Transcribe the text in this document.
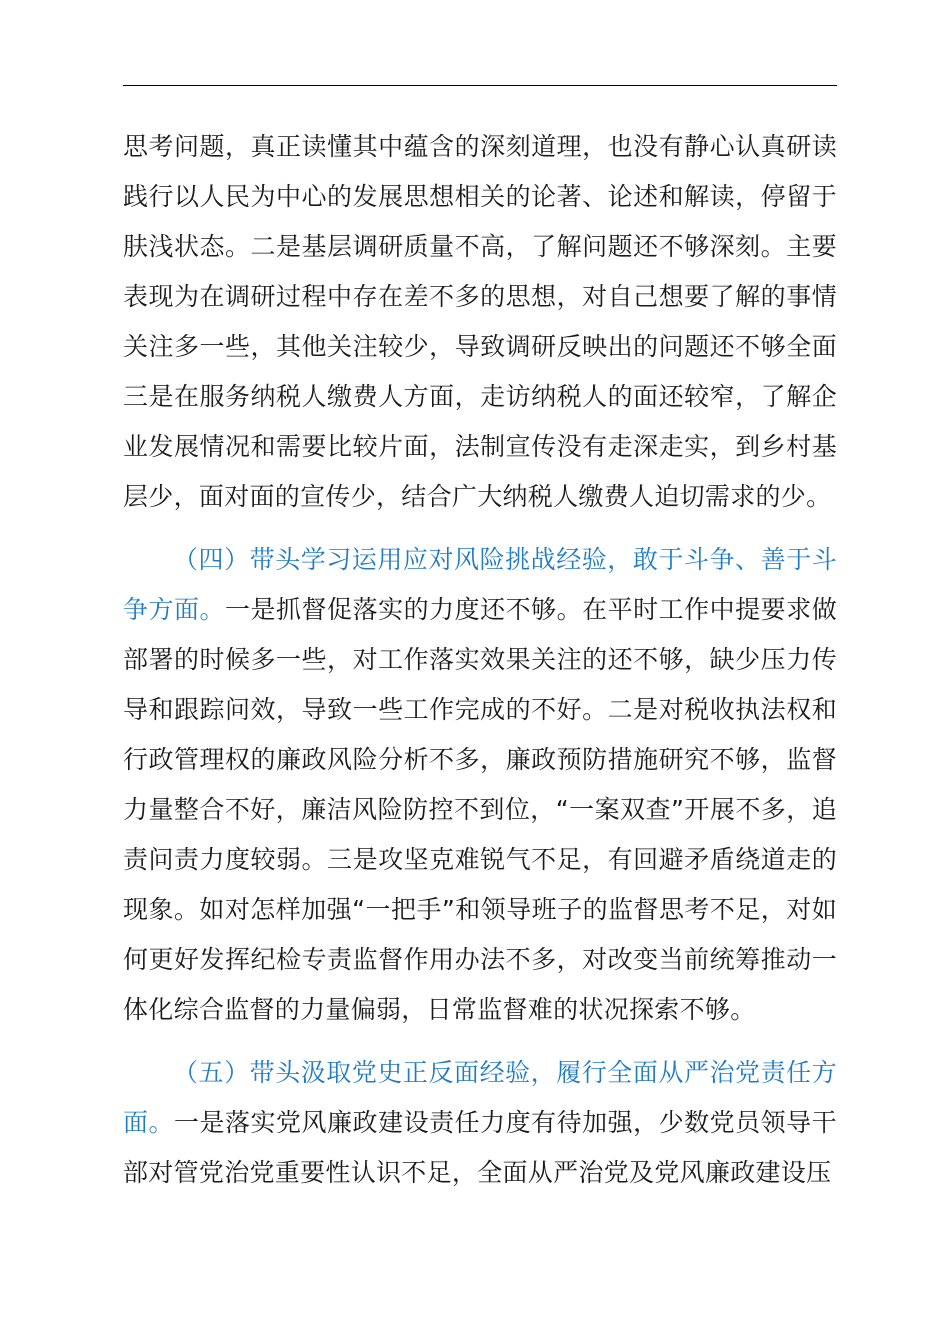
思考问题，真正读懂其中蕴含的深刻道理，也没有静心认真研读践行以人民为中心的发展思想相关的论著、论述和解读，停留于肤浅状态。二是基层调研质量不高，了解问题还不够深刻。主要表现为在调研过程中存在差不多的思想，对自己想要了解的事情关注多一些，其他关注较少，导致调研反映出的问题还不够全面三是在服务纳税人缴费人方面，走访纳税人的面还较窄，了解企业发展情况和需要比较片面，法制宣传没有走深走实，到乡村基层少，面对面的宣传少，结合广大纳税人缴费人迫切需求的少。

（四）带头学习运用应对风险挑战经验，敢于斗争、善于斗争方面。一是抓督促落实的力度还不够。在平时工作中提要求做部署的时候多一些，对工作落实效果关注的还不够，缺少压力传导和跟踪问效，导致一些工作完成的不好。二是对税收执法权和行政管理权的廉政风险分析不多，廉政预防措施研究不够，监督力量整合不好，廉洁风险防控不到位，“一案双查”开展不多，追责问责力度较弱。三是攻坚克难锐气不足，有回避矛盾绕道走的现象。如对怎样加强“一把手”和领导班子的监督思考不足，对如何更好发挥纪检专责监督作用办法不多，对改变当前统筹推动一体化综合监督的力量偏弱，日常监督难的状况探索不够。

（五）带头汲取党史正反面经验，履行全面从严治党责任方面。一是落实党风廉政建设责任力度有待加强，少数党员领导干部对管党治党重要性认识不足，全面从严治党及党风廉政建设压
